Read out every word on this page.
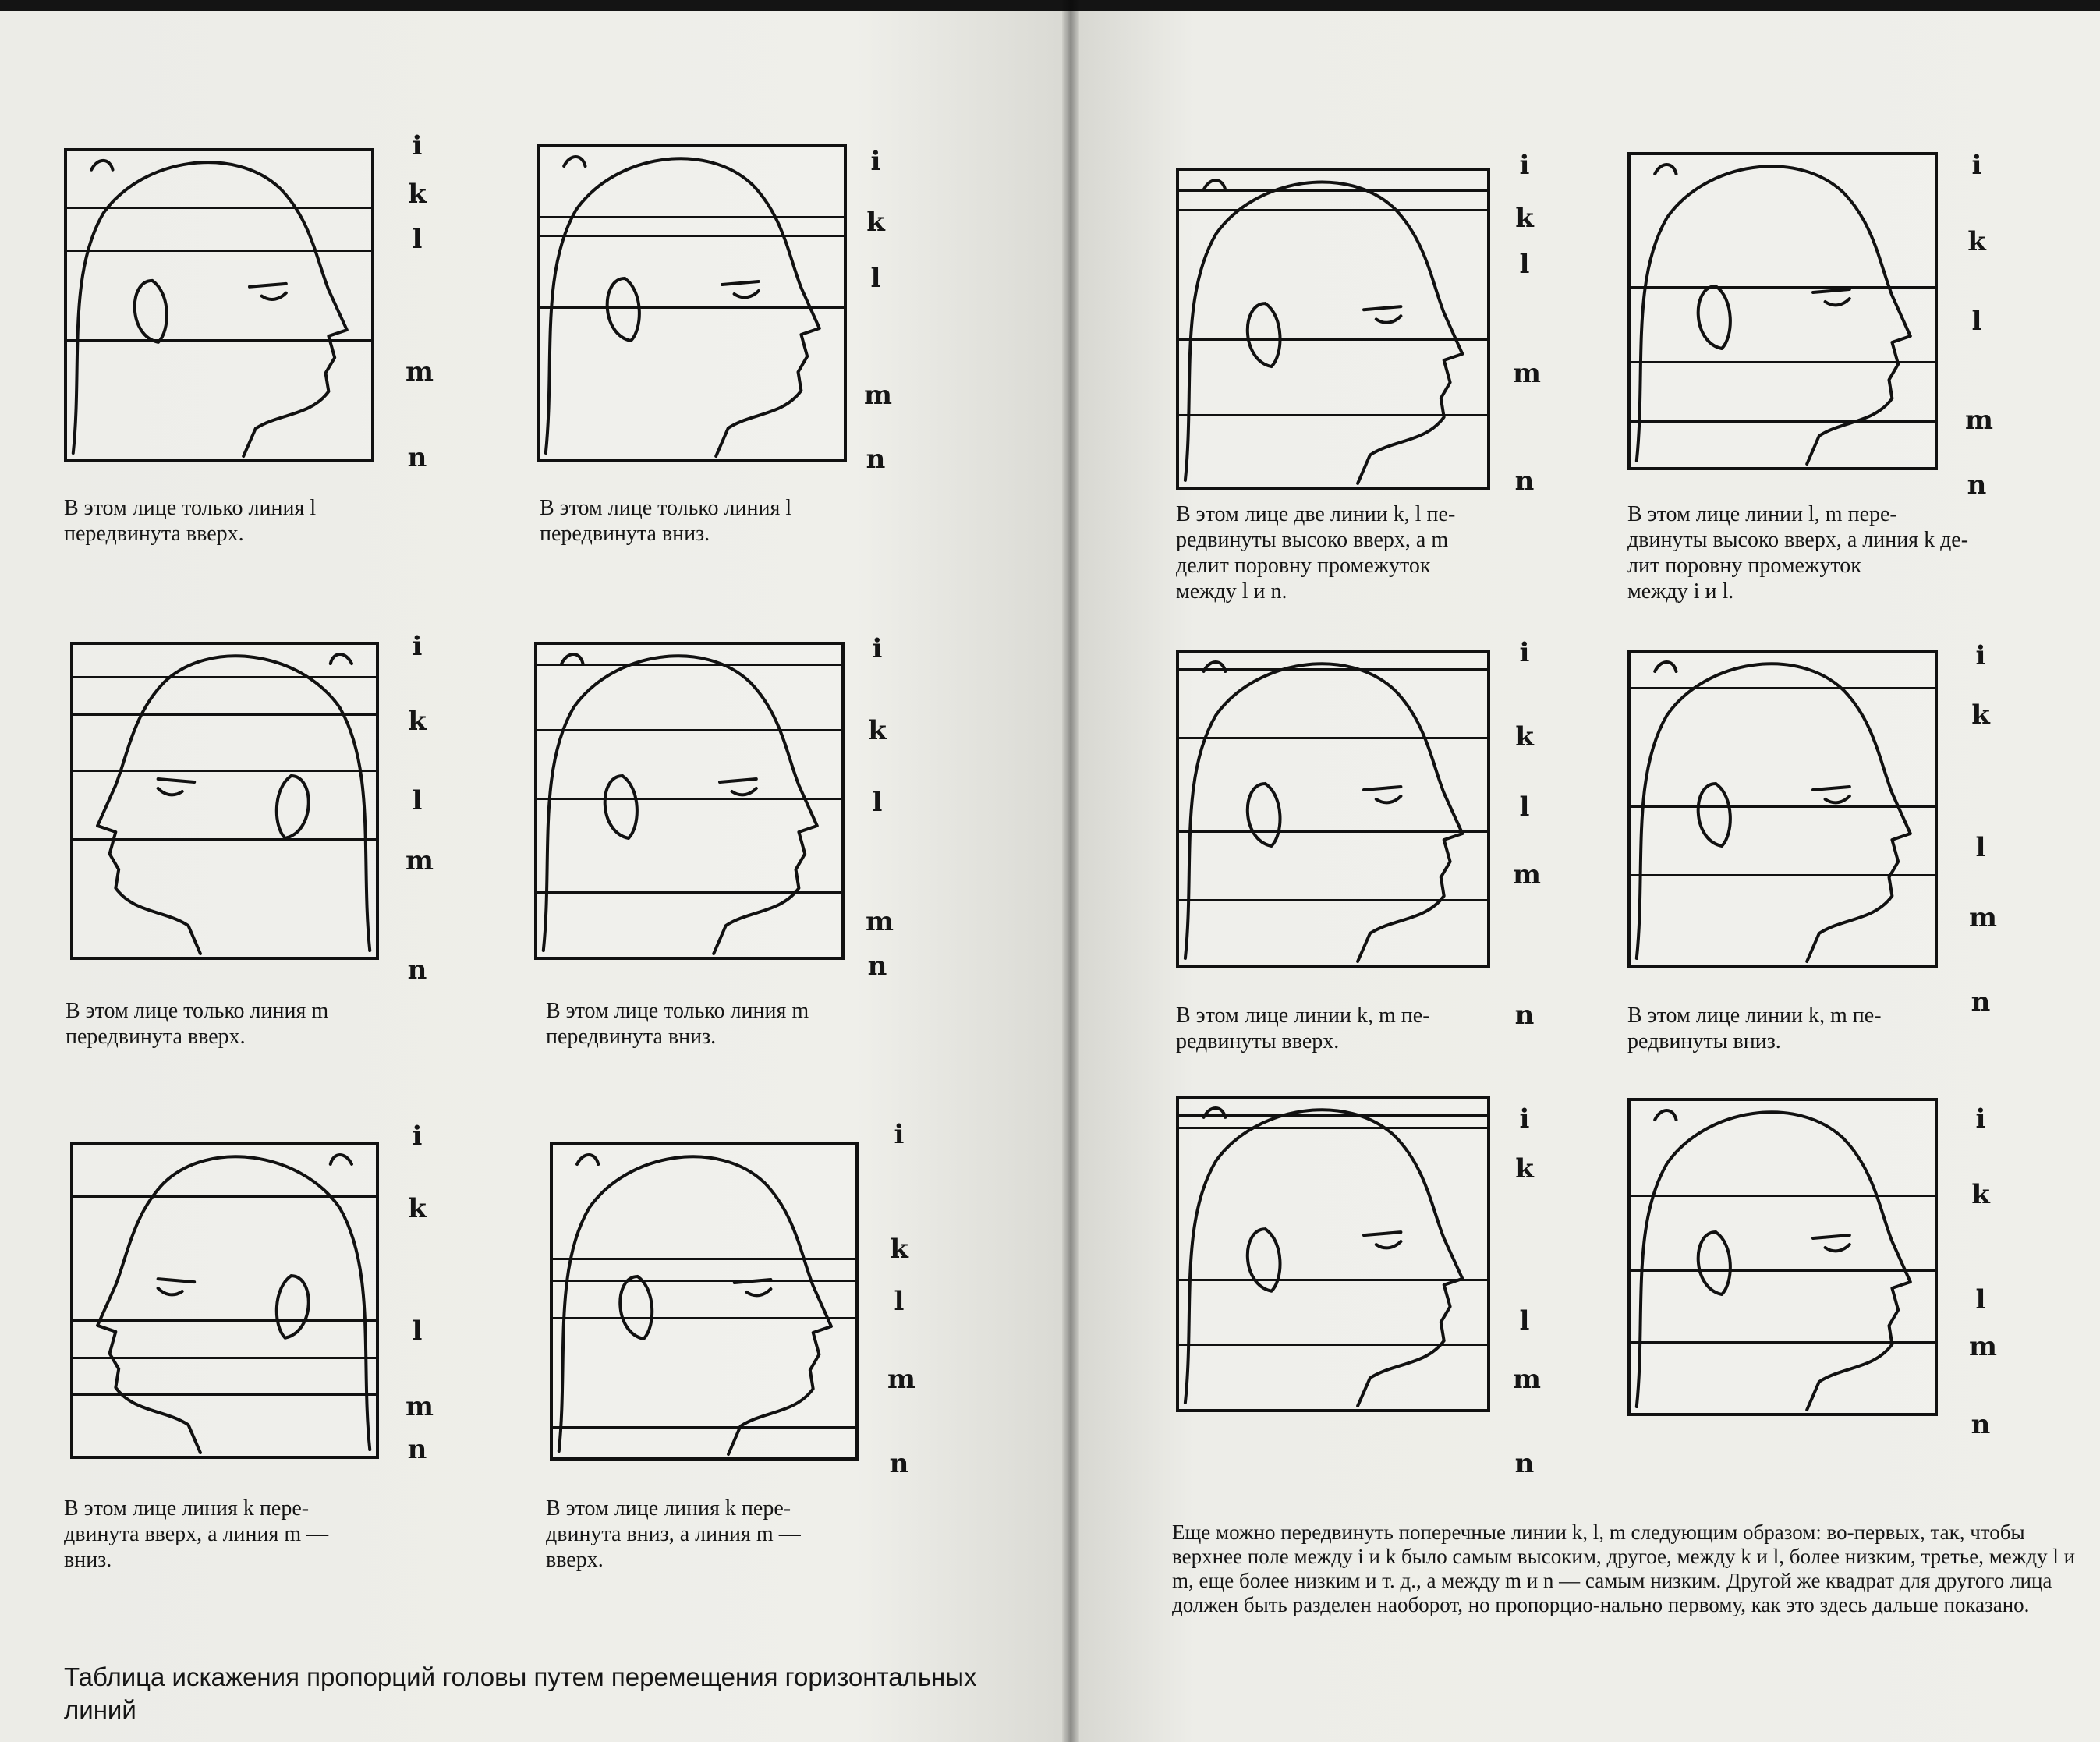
i
k
l
m
n
В этом лице только линия l
передвинута вверх.
i
k
l
m
n
В этом лице только линия l
передвинута вниз.
i
k
l
m
n
В этом лице только линия m
передвинута вверх.
i
k
l
m
n
В этом лице только линия m
передвинута вниз.
i
k
l
m
n
В этом лице линия k пере-
двинута вверх, а линия m —
вниз.
i
k
l
m
n
В этом лице линия k пере-
двинута вниз, а линия m —
вверх.
i
k
l
m
n
В этом лице две линии k, l пе-
редвинуты высоко вверх, а m
делит поровну промежуток
между l и n.
i
k
l
m
n
В этом лице линии l, m пере-
двинуты высоко вверх, а линия k де-
лит поровну промежуток
между i и l.
i
k
l
m
n
В этом лице линии k, m пе-
редвинуты вверх.
i
k
l
m
n
В этом лице линии k, m пе-
редвинуты вниз.
i
k
l
m
n
i
k
l
m
n
Еще можно передвинуть поперечные линии k, l, m следующим образом: во-первых, так, чтобы верхнее поле между i и k было самым высоким, другое, между k и l, более низким, третье, между l и m, еще более низким и т. д., а между m и n — самым низким. Другой же квадрат для другого лица должен быть разделен наоборот, но пропорцио-нально первому, как это здесь дальше показано.
Таблица искажения пропорций головы путем перемещения горизонтальных линий
